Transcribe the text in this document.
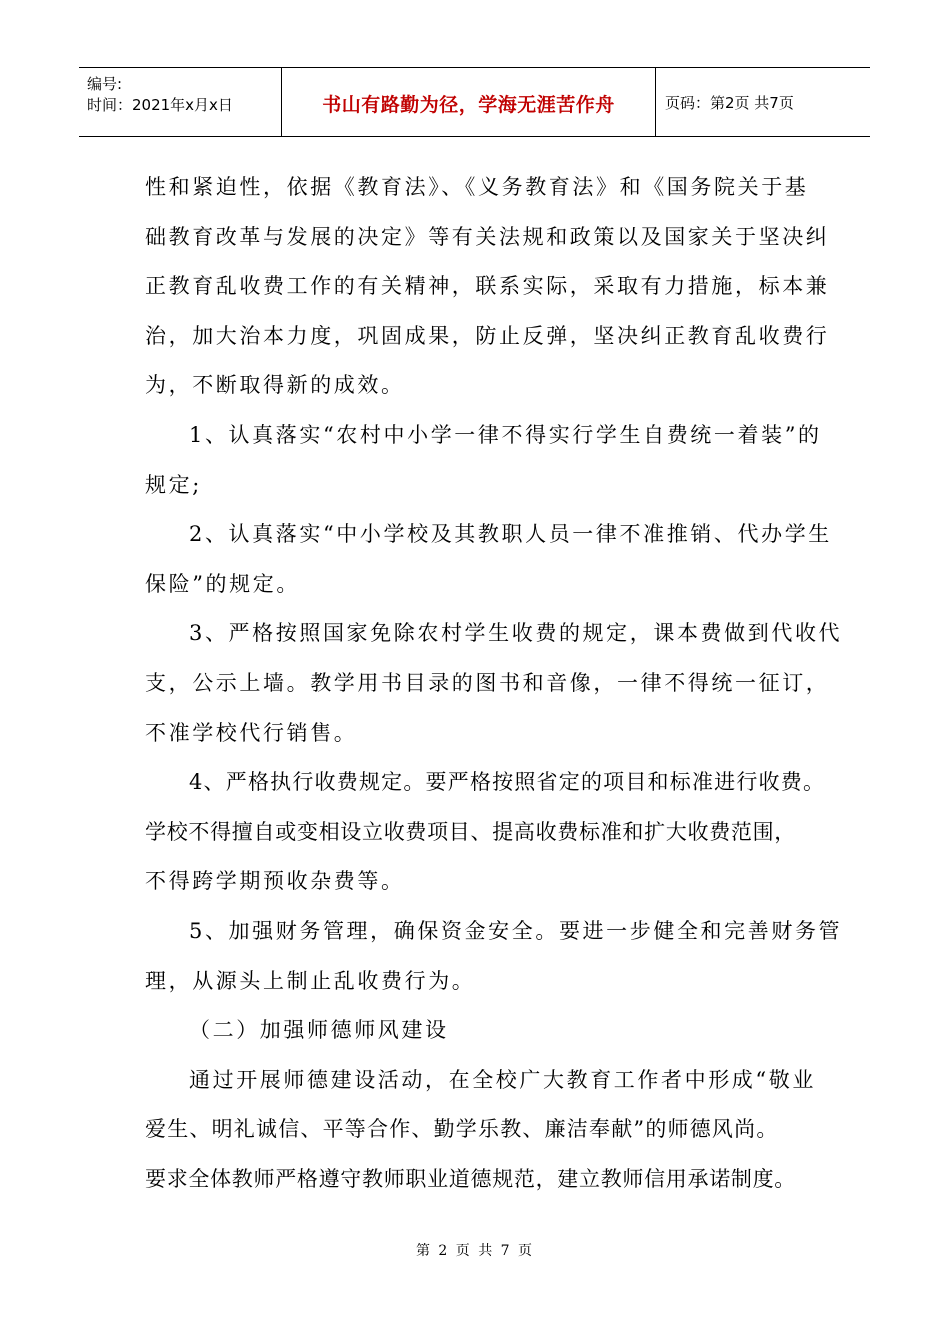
编号:
时间：2021年x月x日	书山有路勤为径，学海无涯苦作舟	页码：第2页 共7页
性和紧迫性，依据《教育法》、《义务教育法》和《国务院关于基
础教育改革与发展的决定》等有关法规和政策以及国家关于坚决纠
正教育乱收费工作的有关精神，联系实际，采取有力措施，标本兼
治，加大治本力度，巩固成果，防止反弹，坚决纠正教育乱收费行
为，不断取得新的成效。
1、认真落实“农村中小学一律不得实行学生自费统一着装”的
规定;
2、认真落实“中小学校及其教职人员一律不准推销、代办学生
保险”的规定。
3、严格按照国家免除农村学生收费的规定，课本费做到代收代
支，公示上墙。教学用书目录的图书和音像，一律不得统一征订，
不准学校代行销售。
4、严格执行收费规定。要严格按照省定的项目和标准进行收费。
学校不得擅自或变相设立收费项目、提高收费标准和扩大收费范围，
不得跨学期预收杂费等。
5、加强财务管理，确保资金安全。要进一步健全和完善财务管
理，从源头上制止乱收费行为。
（二）加强师德师风建设
通过开展师德建设活动，在全校广大教育工作者中形成“敬业
爱生、明礼诚信、平等合作、勤学乐教、廉洁奉献”的师德风尚。
要求全体教师严格遵守教师职业道德规范，建立教师信用承诺制度。
第 2 页 共 7 页
